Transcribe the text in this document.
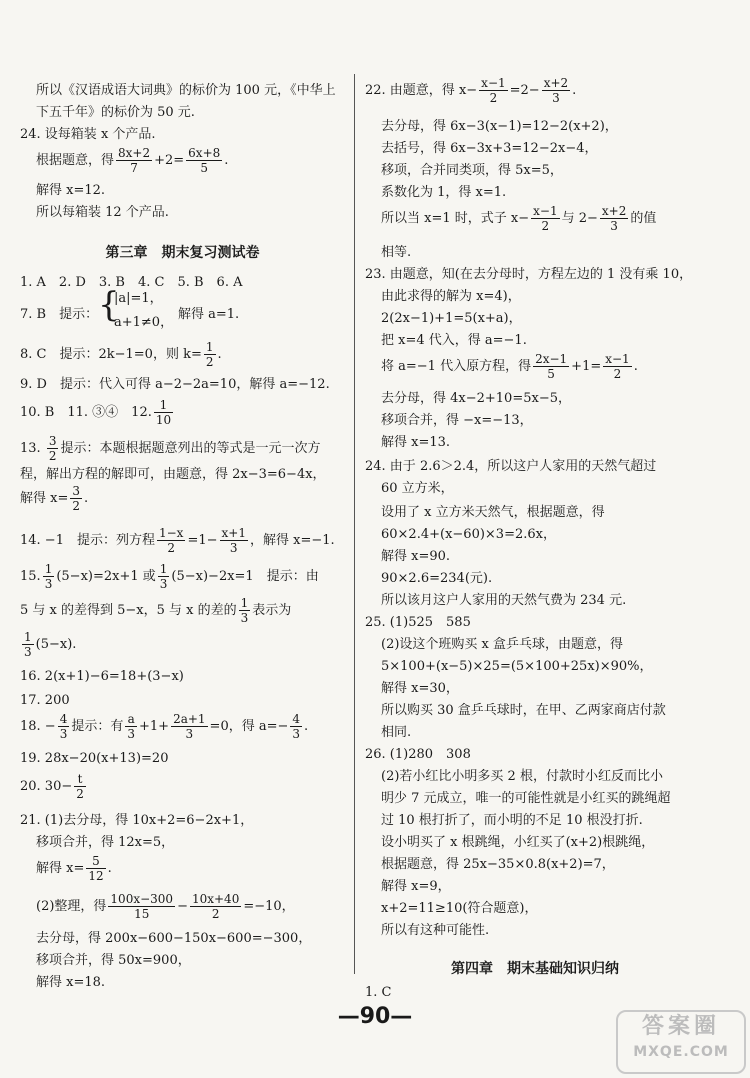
所以《汉语成语大词典》的标价为 100 元，《中华上
下五千年》的标价为 50 元.
24. 设每箱装 x 个产品.
根据题意，得 $\frac{8x+2}{7} +2= \frac{6x+8}{5}$ .
解得 x=12.
所以每箱装 12 个产品.
第三章　期末复习测试卷
1. A　2. D　3. B　4. C　5. B　6. A
7. B　提示： {
|a|=1，
a+1≠0，
解得 a=1.
8. C　提示：2k−1=0，则 $k= \frac{1}{2}$ .
9. D　提示：代入可得 a−2−2a=10，解得 a=−12.
10. B　11. ③④　12. $\frac{1}{10}$
13. $\frac{3}{2}$ 提示：本题根据题意列出的等式是一元一次方
程，解出方程的解即可，由题意，得 2x−3=6−4x，
解得 $x= \frac{3}{2}$ .
14. −1　提示：列方程 $\frac{1-x}{2} =1- \frac{x+1}{3}$ ，解得 x=−1.
15. $\frac{1}{3} (5-x)=2x+1$ 或 $\frac{1}{3} (5-x)-2x=1$　提示：由
5 与 x 的差得到 5−x，5 与 x 的差的 $\frac{1}{3}$ 表示为
$\frac{1}{3} (5-x)$.
16. 2(x+1)−6=18+(3−x)
17. 200
18. − $\frac{4}{3}$ 提示：有 $\frac{a}{3} +1+ \frac{2a+1}{3} =0$，得 $a=- \frac{4}{3}$ .
19. 28x−20(x+13)=20
20. $30- \frac{t}{2}$
21. (1)去分母，得 10x+2=6−2x+1，
移项合并，得 12x=5，
解得 $x= \frac{5}{12}$ .
(2)整理，得 $\frac{100x-300}{15} - \frac{10x+40}{2} =-10$，
去分母，得 200x−600−150x−600=−300，
移项合并，得 50x=900，
解得 x=18.
22. 由题意，得 $x- \frac{x-1}{2} =2- \frac{x+2}{3}$ .
去分母，得 6x−3(x−1)=12−2(x+2)，
去括号，得 6x−3x+3=12−2x−4，
移项，合并同类项，得 5x=5，
系数化为 1，得 x=1.
所以当 x=1 时，式子 $x- \frac{x-1}{2}$ 与 $2- \frac{x+2}{3}$ 的值
相等.
23. 由题意，知(在去分母时，方程左边的 1 没有乘 10，
由此求得的解为 x=4)，
2(2x−1)+1=5(x+a)，
把 x=4 代入，得 a=−1.
将 a=−1 代入原方程，得 $\frac{2x-1}{5} +1= \frac{x-1}{2}$ .
去分母，得 4x−2+10=5x−5，
移项合并，得 −x=−13，
解得 x=13.
24. 由于 2.6＞2.4，所以这户人家用的天然气超过
60 立方米，
设用了 x 立方米天然气，根据题意，得
60×2.4+(x−60)×3=2.6x，
解得 x=90.
90×2.6=234(元).
所以该月这户人家用的天然气费为 234 元.
25. (1)525　585
(2)设这个班购买 x 盒乒乓球，由题意，得
5×100+(x−5)×25=(5×100+25x)×90%，
解得 x=30，
所以购买 30 盒乒乓球时，在甲、乙两家商店付款
相同.
26. (1)280　308
(2)若小红比小明多买 2 根，付款时小红反而比小
明少 7 元成立，唯一的可能性就是小红买的跳绳超
过 10 根打折了，而小明的不足 10 根没打折.
设小明买了 x 根跳绳，小红买了(x+2)根跳绳，
根据题意，得 25x−35×0.8(x+2)=7，
解得 x=9，
x+2=11≥10(符合题意)，
所以有这种可能性.
第四章　期末基础知识归纳
1. C
—90—	答案圈
MXQE.COM
